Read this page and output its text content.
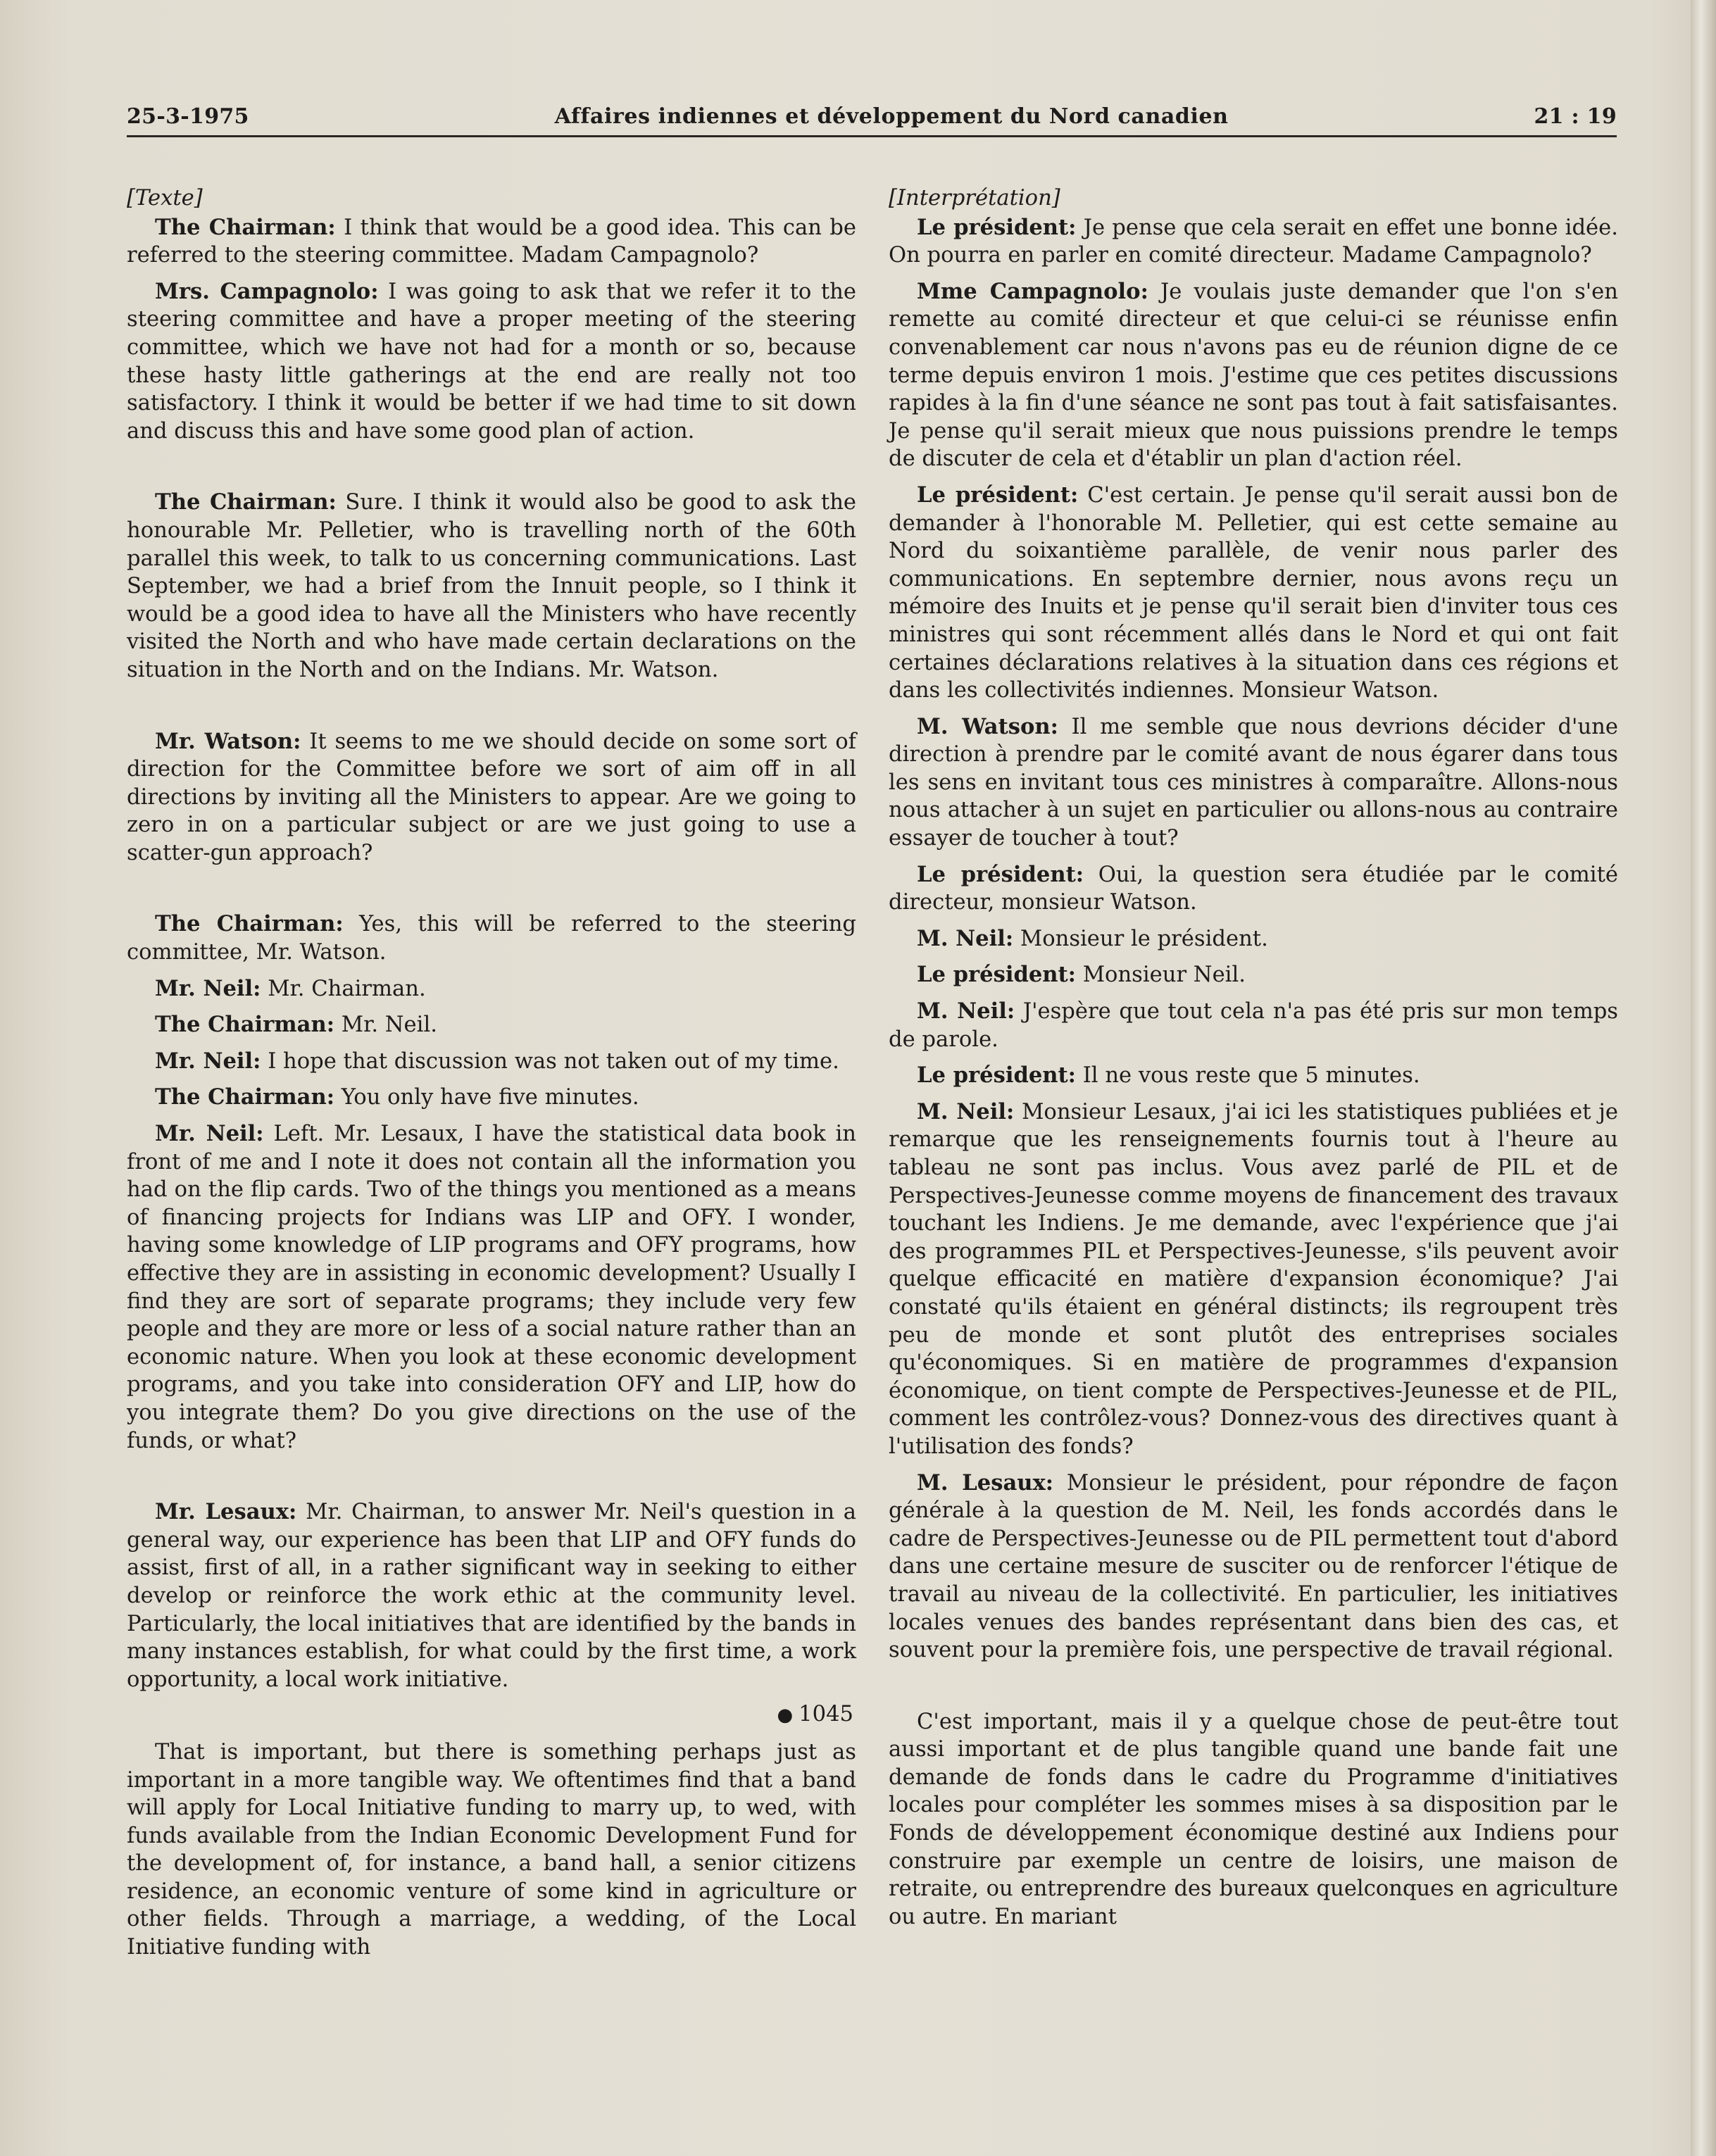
25-3-1975	Affaires indiennes et développement du Nord canadien	21 : 19

[Texte]

The Chairman: I think that would be a good idea. This can be referred to the steering committee. Madam Campagnolo?

Mrs. Campagnolo: I was going to ask that we refer it to the steering committee and have a proper meeting of the steering committee, which we have not had for a month or so, because these hasty little gatherings at the end are really not too satisfactory. I think it would be better if we had time to sit down and discuss this and have some good plan of action.

The Chairman: Sure. I think it would also be good to ask the honourable Mr. Pelletier, who is travelling north of the 60th parallel this week, to talk to us concerning communications. Last September, we had a brief from the Innuit people, so I think it would be a good idea to have all the Ministers who have recently visited the North and who have made certain declarations on the situation in the North and on the Indians. Mr. Watson.

Mr. Watson: It seems to me we should decide on some sort of direction for the Committee before we sort of aim off in all directions by inviting all the Ministers to appear. Are we going to zero in on a particular subject or are we just going to use a scatter-gun approach?

The Chairman: Yes, this will be referred to the steering committee, Mr. Watson.

Mr. Neil: Mr. Chairman.

The Chairman: Mr. Neil.

Mr. Neil: I hope that discussion was not taken out of my time.

The Chairman: You only have five minutes.

Mr. Neil: Left. Mr. Lesaux, I have the statistical data book in front of me and I note it does not contain all the information you had on the flip cards. Two of the things you mentioned as a means of financing projects for Indians was LIP and OFY. I wonder, having some knowledge of LIP programs and OFY programs, how effective they are in assisting in economic development? Usually I find they are sort of separate programs; they include very few people and they are more or less of a social nature rather than an economic nature. When you look at these economic development programs, and you take into consideration OFY and LIP, how do you integrate them? Do you give directions on the use of the funds, or what?

Mr. Lesaux: Mr. Chairman, to answer Mr. Neil's question in a general way, our experience has been that LIP and OFY funds do assist, first of all, in a rather significant way in seeking to either develop or reinforce the work ethic at the community level. Particularly, the local initiatives that are identified by the bands in many instances establish, for what could by the first time, a work opportunity, a local work initiative.

● 1045

That is important, but there is something perhaps just as important in a more tangible way. We oftentimes find that a band will apply for Local Initiative funding to marry up, to wed, with funds available from the Indian Economic Development Fund for the development of, for instance, a band hall, a senior citizens residence, an economic venture of some kind in agriculture or other fields. Through a marriage, a wedding, of the Local Initiative funding with

[Interprétation]

Le président: Je pense que cela serait en effet une bonne idée. On pourra en parler en comité directeur. Madame Campagnolo?

Mme Campagnolo: Je voulais juste demander que l'on s'en remette au comité directeur et que celui-ci se réunisse enfin convenablement car nous n'avons pas eu de réunion digne de ce terme depuis environ 1 mois. J'estime que ces petites discussions rapides à la fin d'une séance ne sont pas tout à fait satisfaisantes. Je pense qu'il serait mieux que nous puissions prendre le temps de discuter de cela et d'établir un plan d'action réel.

Le président: C'est certain. Je pense qu'il serait aussi bon de demander à l'honorable M. Pelletier, qui est cette semaine au Nord du soixantième parallèle, de venir nous parler des communications. En septembre dernier, nous avons reçu un mémoire des Inuits et je pense qu'il serait bien d'inviter tous ces ministres qui sont récemment allés dans le Nord et qui ont fait certaines déclarations relatives à la situation dans ces régions et dans les collectivités indiennes. Monsieur Watson.

M. Watson: Il me semble que nous devrions décider d'une direction à prendre par le comité avant de nous égarer dans tous les sens en invitant tous ces ministres à comparaître. Allons-nous nous attacher à un sujet en particulier ou allons-nous au contraire essayer de toucher à tout?

Le président: Oui, la question sera étudiée par le comité directeur, monsieur Watson.

M. Neil: Monsieur le président.

Le président: Monsieur Neil.

M. Neil: J'espère que tout cela n'a pas été pris sur mon temps de parole.

Le président: Il ne vous reste que 5 minutes.

M. Neil: Monsieur Lesaux, j'ai ici les statistiques publiées et je remarque que les renseignements fournis tout à l'heure au tableau ne sont pas inclus. Vous avez parlé de PIL et de Perspectives-Jeunesse comme moyens de financement des travaux touchant les Indiens. Je me demande, avec l'expérience que j'ai des programmes PIL et Perspectives-Jeunesse, s'ils peuvent avoir quelque efficacité en matière d'expansion économique? J'ai constaté qu'ils étaient en général distincts; ils regroupent très peu de monde et sont plutôt des entreprises sociales qu'économiques. Si en matière de programmes d'expansion économique, on tient compte de Perspectives-Jeunesse et de PIL, comment les contrôlez-vous? Donnez-vous des directives quant à l'utilisation des fonds?

M. Lesaux: Monsieur le président, pour répondre de façon générale à la question de M. Neil, les fonds accordés dans le cadre de Perspectives-Jeunesse ou de PIL permettent tout d'abord dans une certaine mesure de susciter ou de renforcer l'étique de travail au niveau de la collectivité. En particulier, les initiatives locales venues des bandes représentant dans bien des cas, et souvent pour la première fois, une perspective de travail régional.

C'est important, mais il y a quelque chose de peut-être tout aussi important et de plus tangible quand une bande fait une demande de fonds dans le cadre du Programme d'initiatives locales pour compléter les sommes mises à sa disposition par le Fonds de développement économique destiné aux Indiens pour construire par exemple un centre de loisirs, une maison de retraite, ou entreprendre des bureaux quelconques en agriculture ou autre. En mariant
